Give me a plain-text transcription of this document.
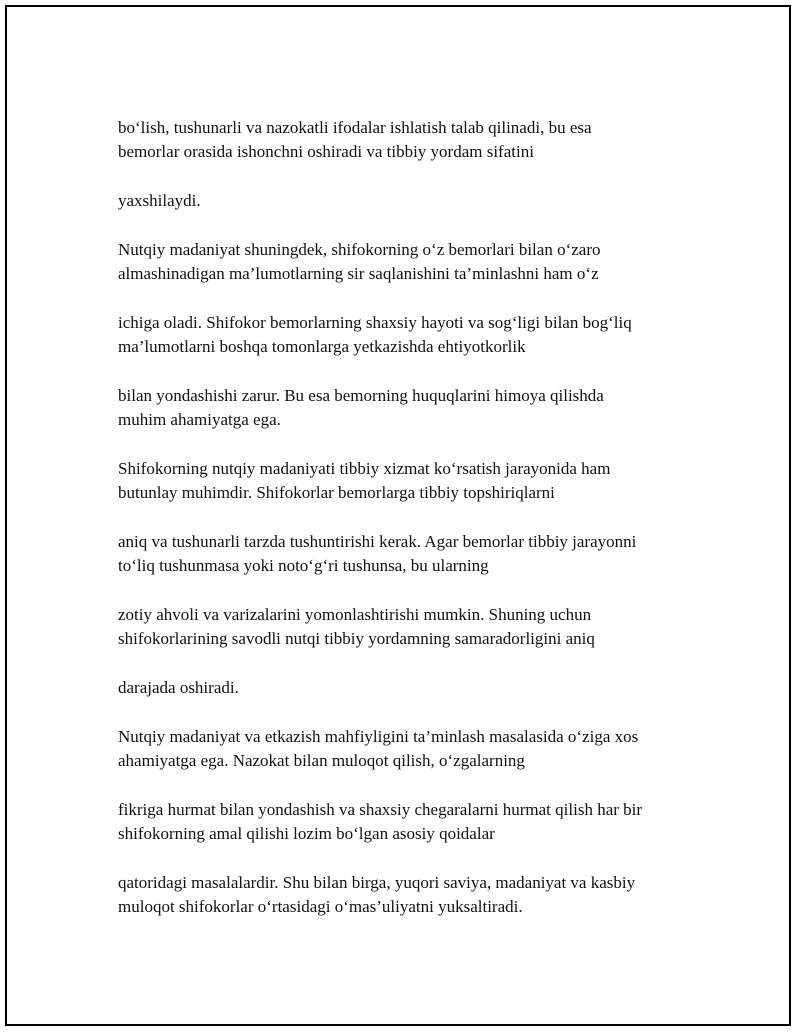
bo‘lish, tushunarli va nazokatli ifodalar ishlatish talab qilinadi, bu esa
bemorlar orasida ishonchni oshiradi va tibbiy yordam sifatini
yaxshilaydi.
Nutqiy madaniyat shuningdek, shifokorning o‘z bemorlari bilan o‘zaro
almashinadigan ma’lumotlarning sir saqlanishini ta’minlashni ham o‘z
ichiga oladi. Shifokor bemorlarning shaxsiy hayoti va sog‘ligi bilan bog‘liq
ma’lumotlarni boshqa tomonlarga yetkazishda ehtiyotkorlik
bilan yondashishi zarur. Bu esa bemorning huquqlarini himoya qilishda
muhim ahamiyatga ega.
Shifokorning nutqiy madaniyati tibbiy xizmat ko‘rsatish jarayonida ham
butunlay muhimdir. Shifokorlar bemorlarga tibbiy topshiriqlarni
aniq va tushunarli tarzda tushuntirishi kerak. Agar bemorlar tibbiy jarayonni
to‘liq tushunmasa yoki noto‘g‘ri tushunsa, bu ularning
zotiy ahvoli va varizalarini yomonlashtirishi mumkin. Shuning uchun
shifokorlarining savodli nutqi tibbiy yordamning samaradorligini aniq
darajada oshiradi.
Nutqiy madaniyat va etkazish mahfiyligini ta’minlash masalasida o‘ziga xos
ahamiyatga ega. Nazokat bilan muloqot qilish, o‘zgalarning
fikriga hurmat bilan yondashish va shaxsiy chegaralarni hurmat qilish har bir
shifokorning amal qilishi lozim bo‘lgan asosiy qoidalar
qatoridagi masalalardir. Shu bilan birga, yuqori saviya, madaniyat va kasbiy
muloqot shifokorlar o‘rtasidagi o‘mas’uliyatni yuksaltiradi.
